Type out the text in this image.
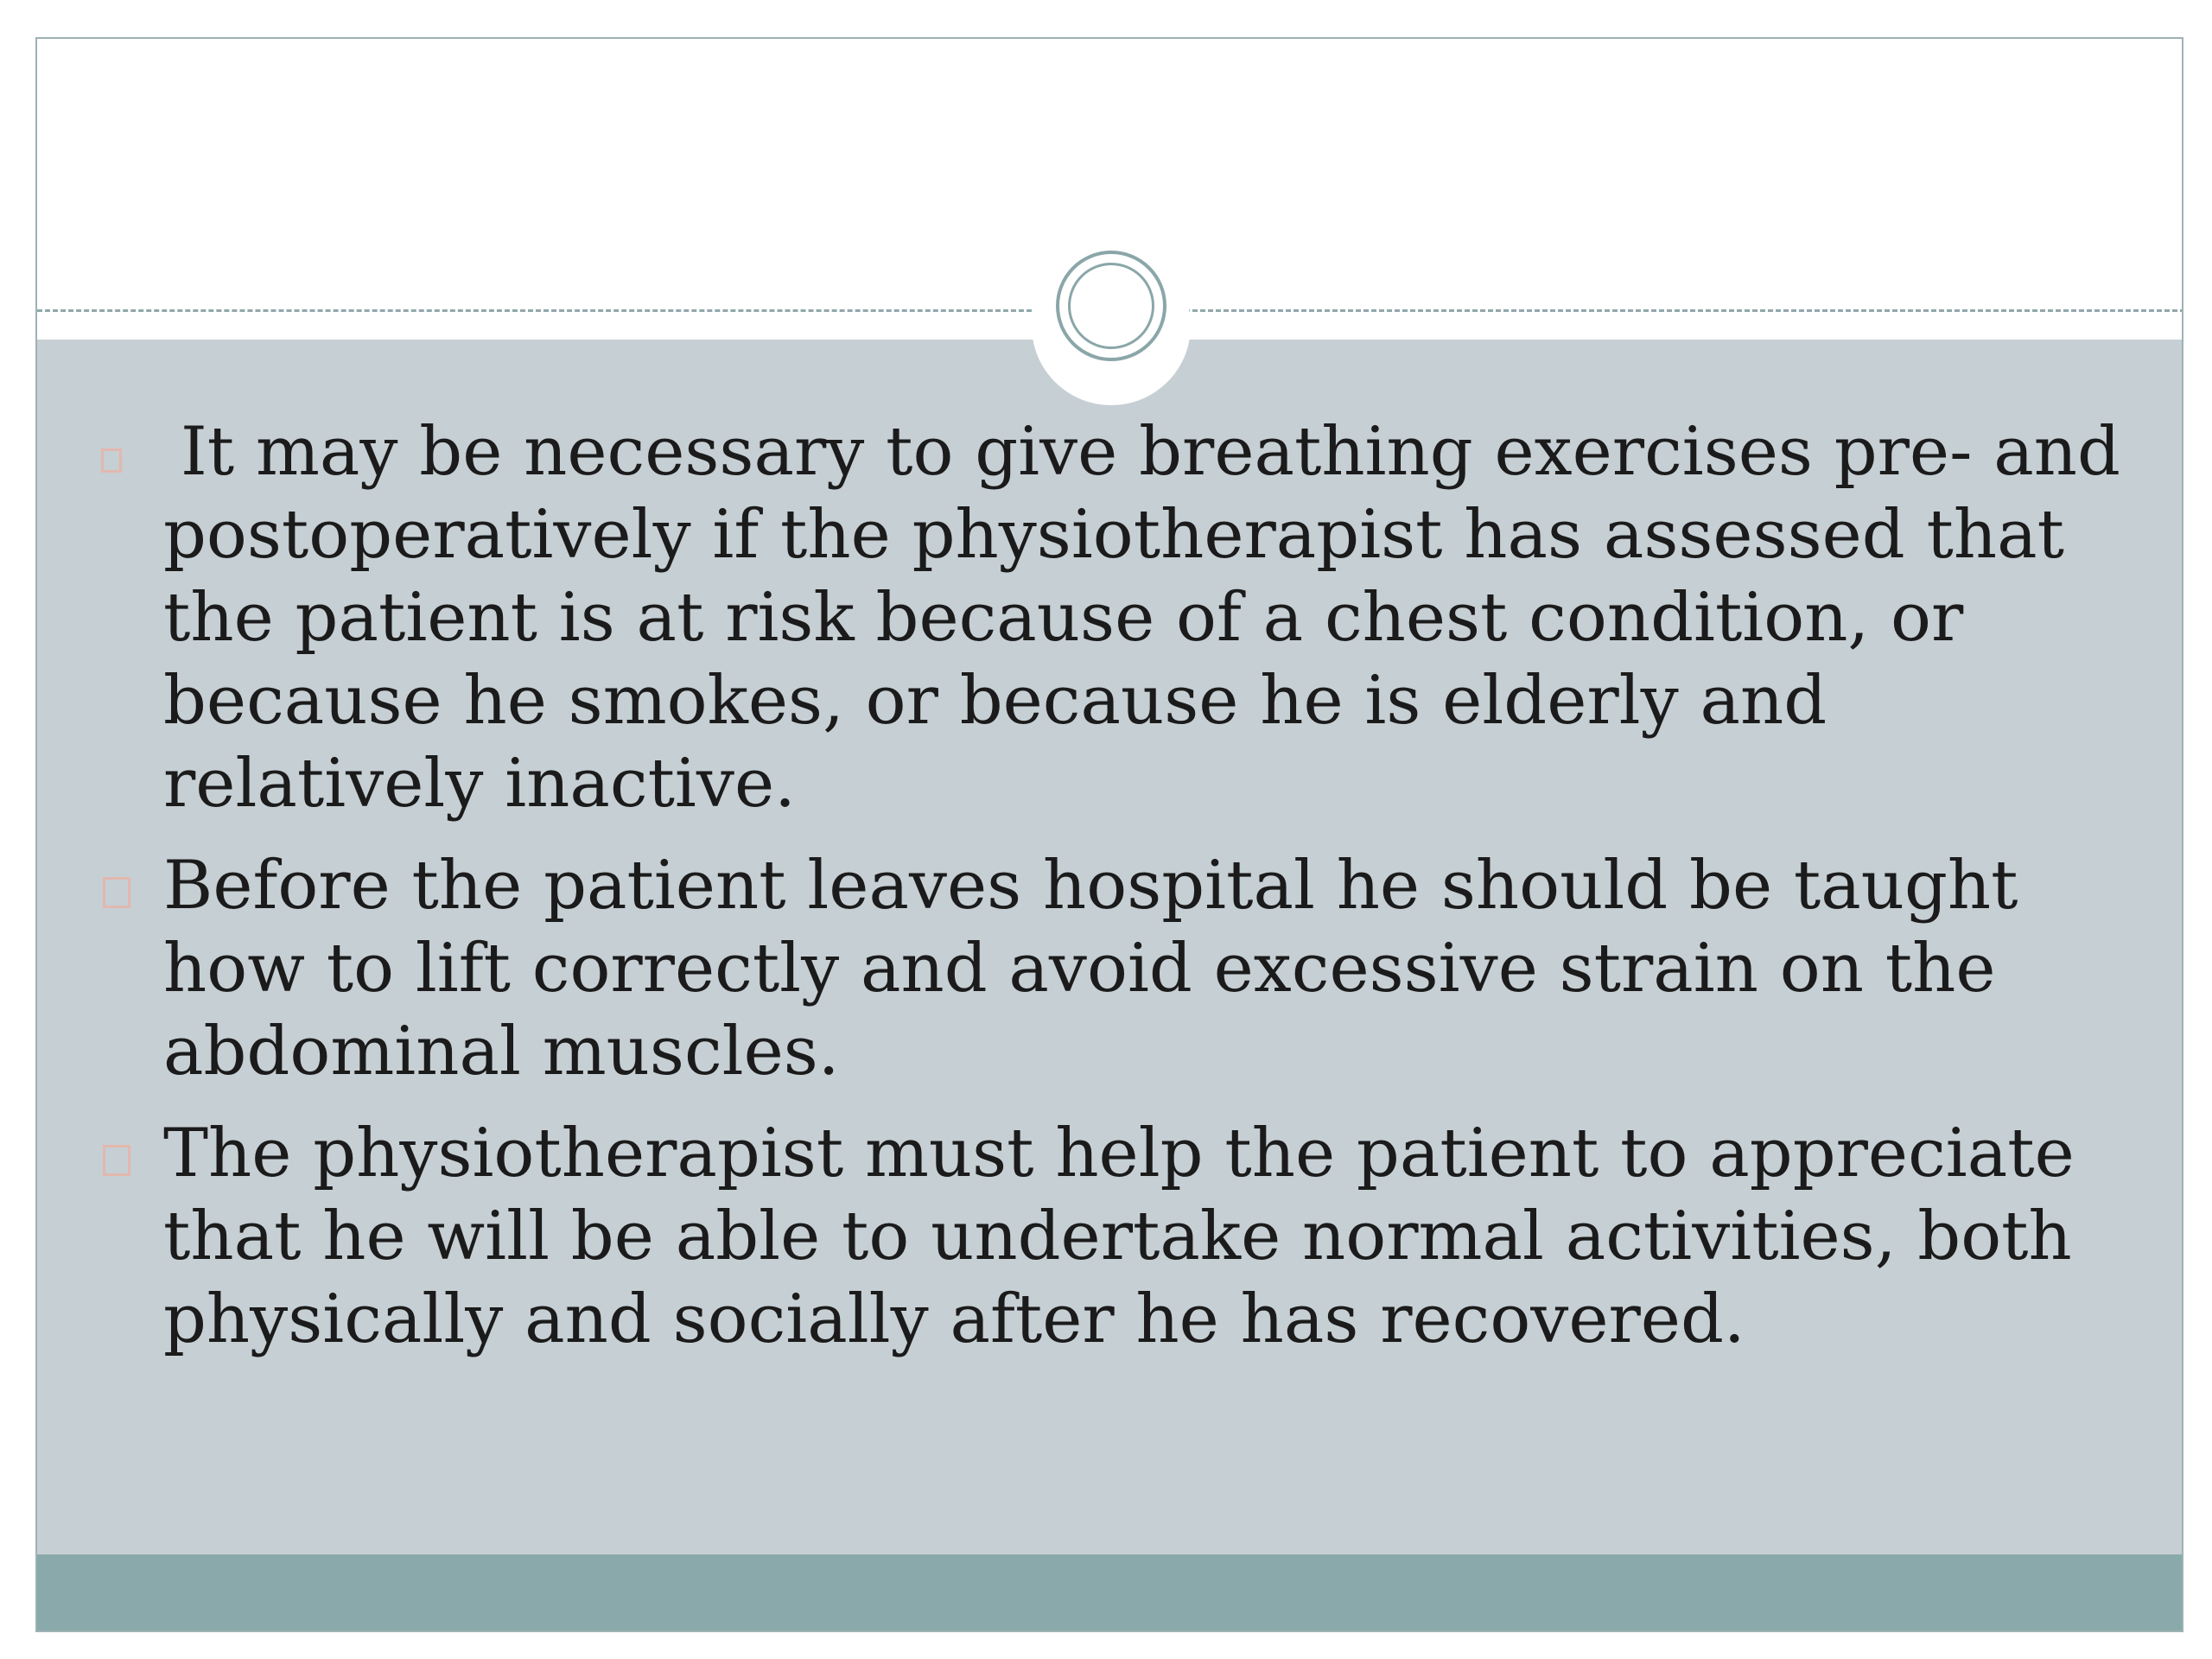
It may be necessary to give breathing exercises pre- and
postoperatively if the physiotherapist has assessed that the patient is at risk because of a chest condition, or because he smokes, or because he is elderly and relatively inactive.
Before the patient leaves hospital he should be taught how to lift correctly and avoid excessive strain on the abdominal muscles.
The physiotherapist must help the patient to appreciate that he will be able to undertake normal activities, both physically and socially after he has recovered.
